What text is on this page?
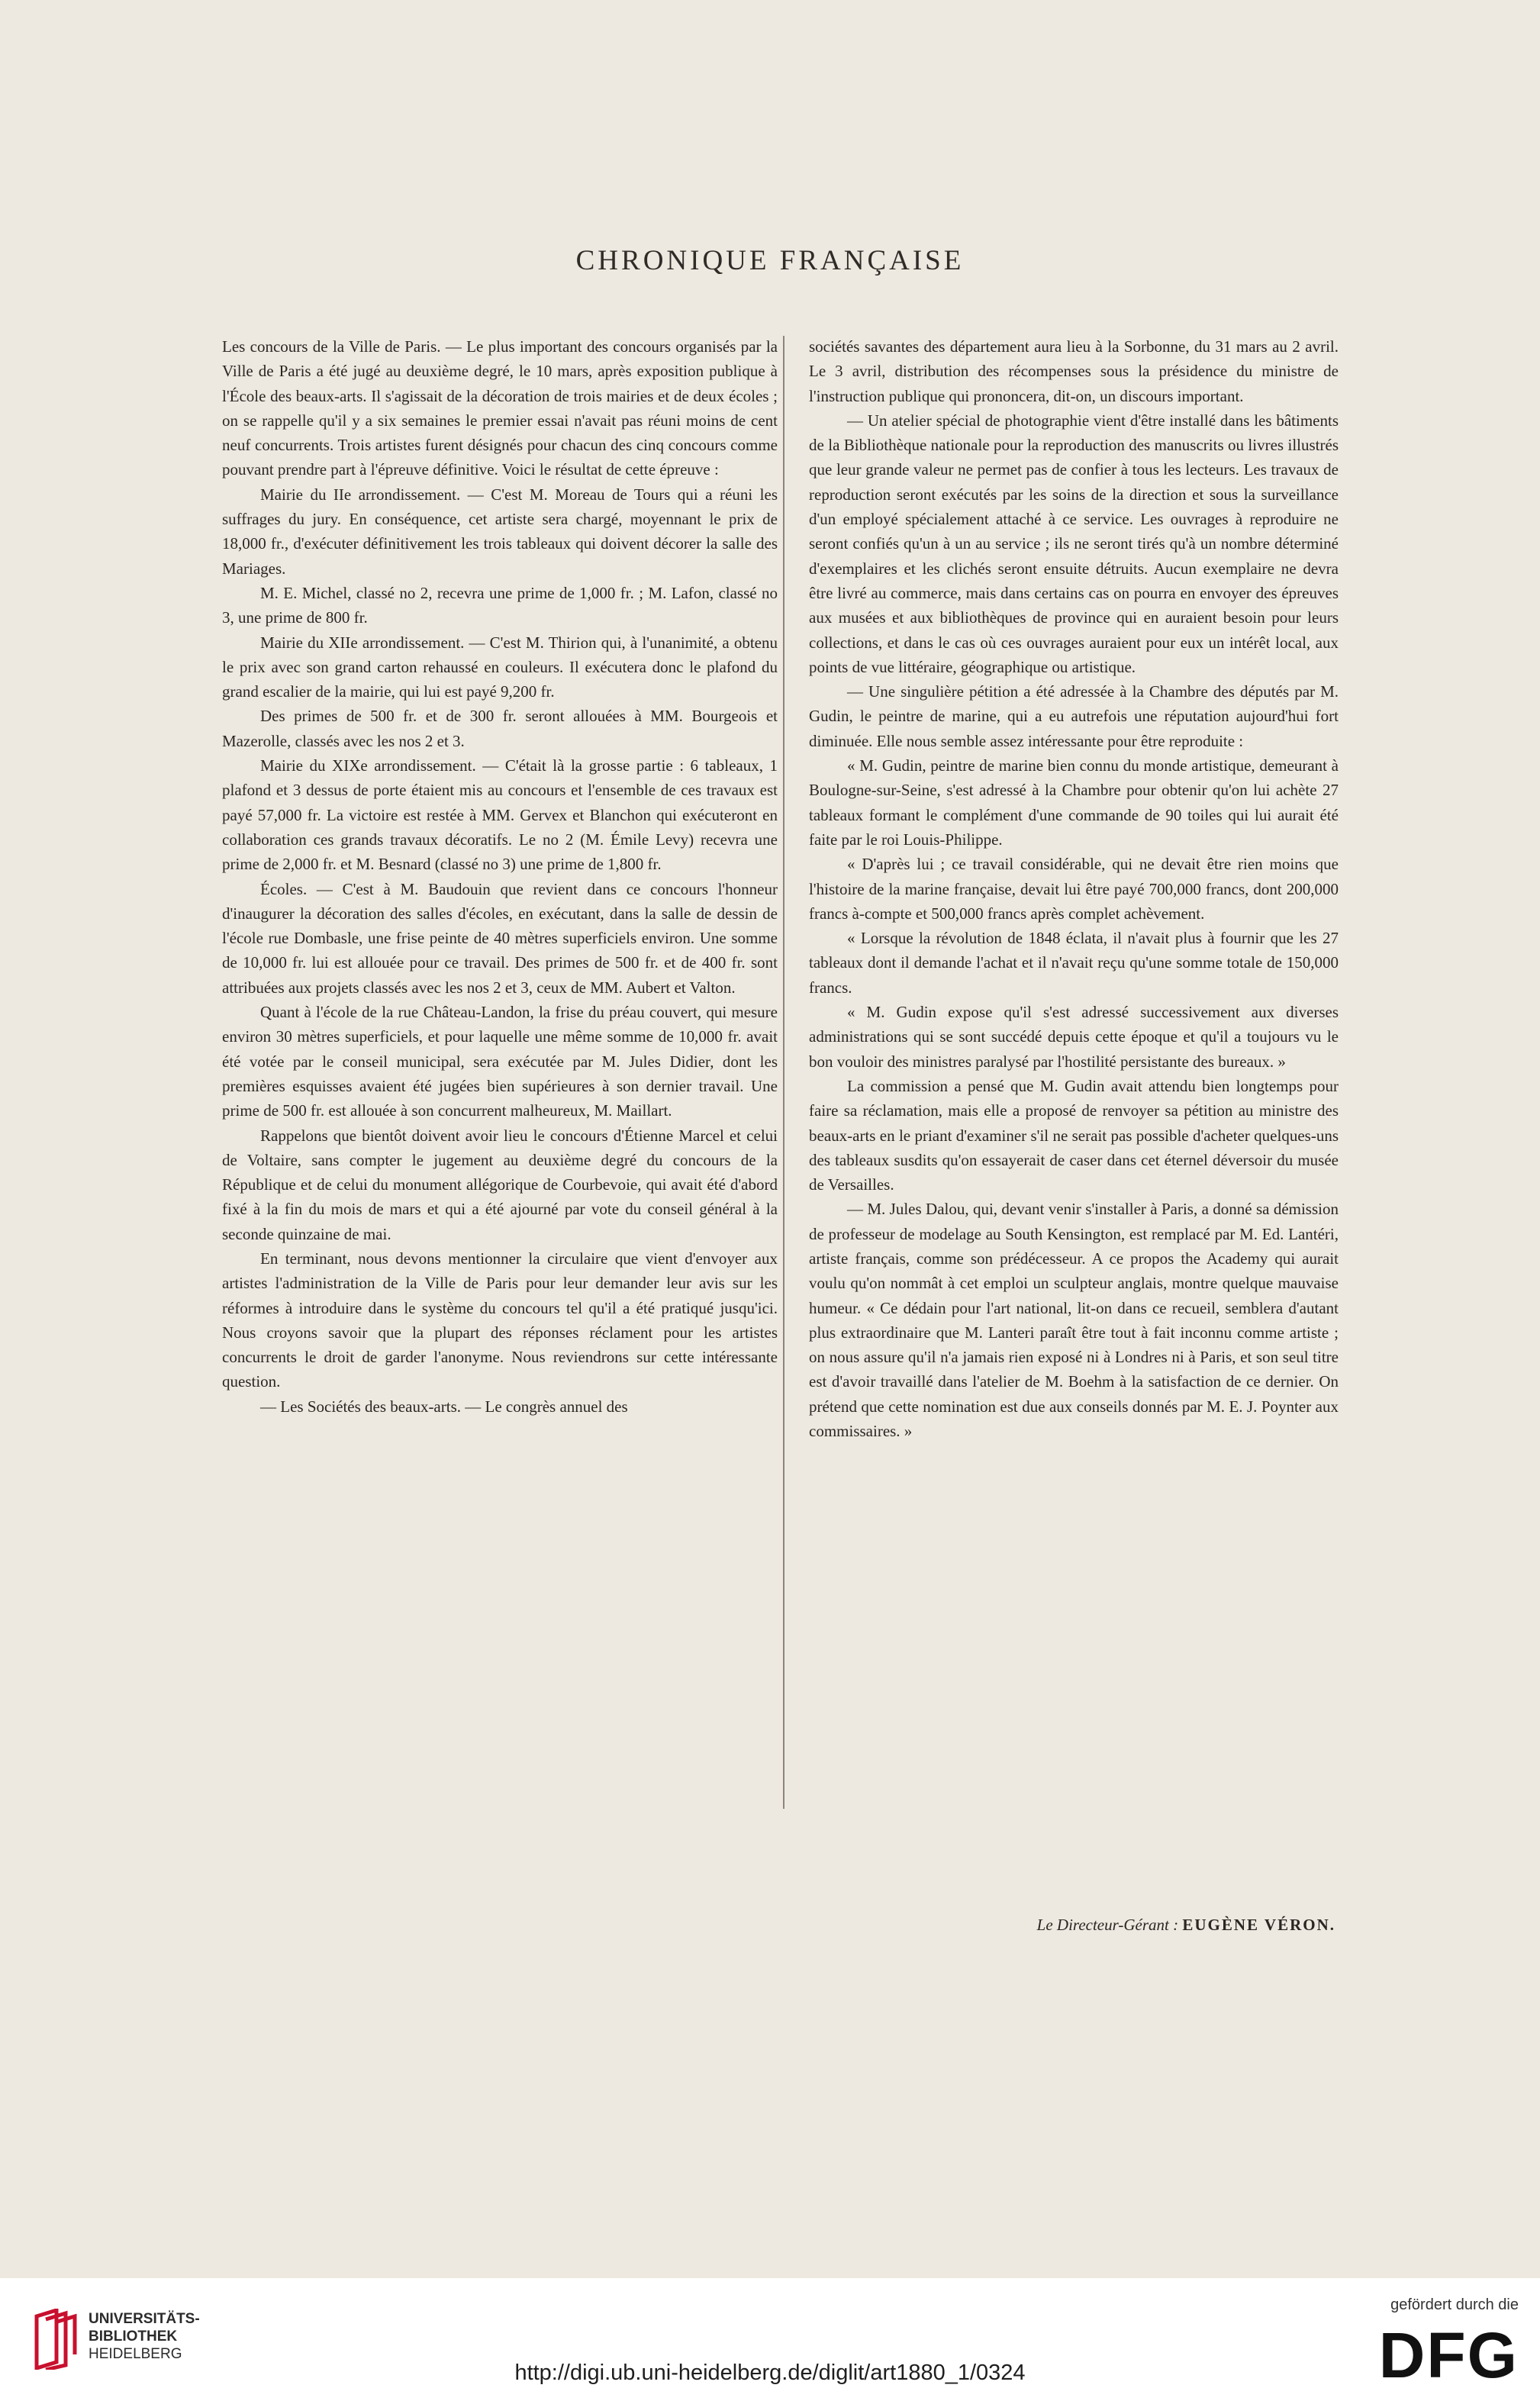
CHRONIQUE FRANÇAISE

Les concours de la Ville de Paris. — Le plus important des concours organisés par la Ville de Paris a été jugé au deuxième degré, le 10 mars, après exposition publique à l'École des beaux-arts. Il s'agissait de la décoration de trois mairies et de deux écoles ; on se rappelle qu'il y a six semaines le premier essai n'avait pas réuni moins de cent neuf concurrents. Trois artistes furent désignés pour chacun des cinq concours comme pouvant prendre part à l'épreuve définitive. Voici le résultat de cette épreuve :

Mairie du IIe arrondissement. — C'est M. Moreau de Tours qui a réuni les suffrages du jury. En conséquence, cet artiste sera chargé, moyennant le prix de 18,000 fr., d'exécuter définitivement les trois tableaux qui doivent décorer la salle des Mariages.

M. E. Michel, classé no 2, recevra une prime de 1,000 fr. ; M. Lafon, classé no 3, une prime de 800 fr.

Mairie du XIIe arrondissement. — C'est M. Thirion qui, à l'unanimité, a obtenu le prix avec son grand carton rehaussé en couleurs. Il exécutera donc le plafond du grand escalier de la mairie, qui lui est payé 9,200 fr.

Des primes de 500 fr. et de 300 fr. seront allouées à MM. Bourgeois et Mazerolle, classés avec les nos 2 et 3.

Mairie du XIXe arrondissement. — C'était là la grosse partie : 6 tableaux, 1 plafond et 3 dessus de porte étaient mis au concours et l'ensemble de ces travaux est payé 57,000 fr. La victoire est restée à MM. Gervex et Blanchon qui exécuteront en collaboration ces grands travaux décoratifs. Le no 2 (M. Émile Levy) recevra une prime de 2,000 fr. et M. Besnard (classé no 3) une prime de 1,800 fr.

Écoles. — C'est à M. Baudouin que revient dans ce concours l'honneur d'inaugurer la décoration des salles d'écoles, en exécutant, dans la salle de dessin de l'école rue Dombasle, une frise peinte de 40 mètres superficiels environ. Une somme de 10,000 fr. lui est allouée pour ce travail. Des primes de 500 fr. et de 400 fr. sont attribuées aux projets classés avec les nos 2 et 3, ceux de MM. Aubert et Valton.

Quant à l'école de la rue Château-Landon, la frise du préau couvert, qui mesure environ 30 mètres superficiels, et pour laquelle une même somme de 10,000 fr. avait été votée par le conseil municipal, sera exécutée par M. Jules Didier, dont les premières esquisses avaient été jugées bien supérieures à son dernier travail. Une prime de 500 fr. est allouée à son concurrent malheureux, M. Maillart.

Rappelons que bientôt doivent avoir lieu le concours d'Étienne Marcel et celui de Voltaire, sans compter le jugement au deuxième degré du concours de la République et de celui du monument allégorique de Courbevoie, qui avait été d'abord fixé à la fin du mois de mars et qui a été ajourné par vote du conseil général à la seconde quinzaine de mai.

En terminant, nous devons mentionner la circulaire que vient d'envoyer aux artistes l'administration de la Ville de Paris pour leur demander leur avis sur les réformes à introduire dans le système du concours tel qu'il a été pratiqué jusqu'ici. Nous croyons savoir que la plupart des réponses réclament pour les artistes concurrents le droit de garder l'anonyme. Nous reviendrons sur cette intéressante question.

— Les Sociétés des beaux-arts. — Le congrès annuel des

sociétés savantes des département aura lieu à la Sorbonne, du 31 mars au 2 avril. Le 3 avril, distribution des récompenses sous la présidence du ministre de l'instruction publique qui prononcera, dit-on, un discours important.

— Un atelier spécial de photographie vient d'être installé dans les bâtiments de la Bibliothèque nationale pour la reproduction des manuscrits ou livres illustrés que leur grande valeur ne permet pas de confier à tous les lecteurs. Les travaux de reproduction seront exécutés par les soins de la direction et sous la surveillance d'un employé spécialement attaché à ce service. Les ouvrages à reproduire ne seront confiés qu'un à un au service ; ils ne seront tirés qu'à un nombre déterminé d'exemplaires et les clichés seront ensuite détruits. Aucun exemplaire ne devra être livré au commerce, mais dans certains cas on pourra en envoyer des épreuves aux musées et aux bibliothèques de province qui en auraient besoin pour leurs collections, et dans le cas où ces ouvrages auraient pour eux un intérêt local, aux points de vue littéraire, géographique ou artistique.

— Une singulière pétition a été adressée à la Chambre des députés par M. Gudin, le peintre de marine, qui a eu autrefois une réputation aujourd'hui fort diminuée. Elle nous semble assez intéressante pour être reproduite :

« M. Gudin, peintre de marine bien connu du monde artistique, demeurant à Boulogne-sur-Seine, s'est adressé à la Chambre pour obtenir qu'on lui achète 27 tableaux formant le complément d'une commande de 90 toiles qui lui aurait été faite par le roi Louis-Philippe.

« D'après lui ; ce travail considérable, qui ne devait être rien moins que l'histoire de la marine française, devait lui être payé 700,000 francs, dont 200,000 francs à-compte et 500,000 francs après complet achèvement.

« Lorsque la révolution de 1848 éclata, il n'avait plus à fournir que les 27 tableaux dont il demande l'achat et il n'avait reçu qu'une somme totale de 150,000 francs.

« M. Gudin expose qu'il s'est adressé successivement aux diverses administrations qui se sont succédé depuis cette époque et qu'il a toujours vu le bon vouloir des ministres paralysé par l'hostilité persistante des bureaux. »

La commission a pensé que M. Gudin avait attendu bien longtemps pour faire sa réclamation, mais elle a proposé de renvoyer sa pétition au ministre des beaux-arts en le priant d'examiner s'il ne serait pas possible d'acheter quelques-uns des tableaux susdits qu'on essayerait de caser dans cet éternel déversoir du musée de Versailles.

— M. Jules Dalou, qui, devant venir s'installer à Paris, a donné sa démission de professeur de modelage au South Kensington, est remplacé par M. Ed. Lantéri, artiste français, comme son prédécesseur. A ce propos the Academy qui aurait voulu qu'on nommât à cet emploi un sculpteur anglais, montre quelque mauvaise humeur. « Ce dédain pour l'art national, lit-on dans ce recueil, semblera d'autant plus extraordinaire que M. Lanteri paraît être tout à fait inconnu comme artiste ; on nous assure qu'il n'a jamais rien exposé ni à Londres ni à Paris, et son seul titre est d'avoir travaillé dans l'atelier de M. Boehm à la satisfaction de ce dernier. On prétend que cette nomination est due aux conseils donnés par M. E. J. Poynter aux commissaires. »

Le Directeur-Gérant : EUGÈNE VÉRON.
UNIVERSITÄTS-
BIBLIOTHEK
HEIDELBERG
http://digi.ub.uni-heidelberg.de/diglit/art1880_1/0324
gefördert durch die
DFG
